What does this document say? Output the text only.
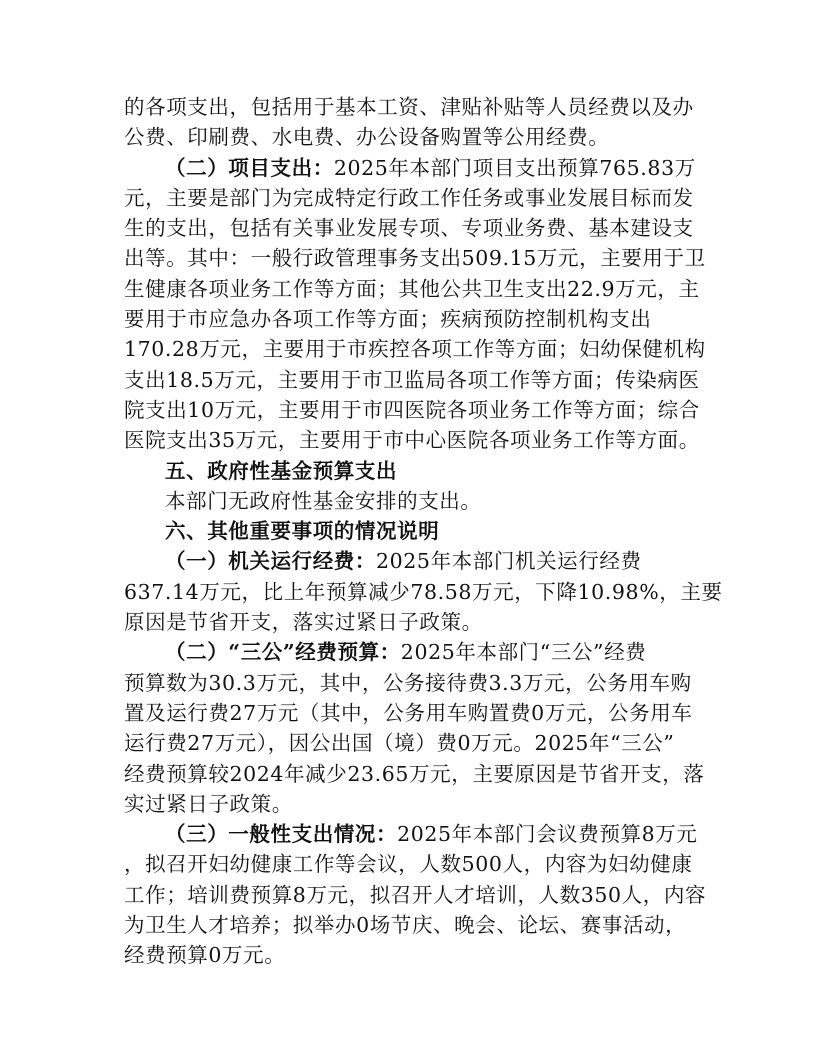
的各项支出，包括用于基本工资、津贴补贴等人员经费以及办
公费、印刷费、水电费、办公设备购置等公用经费。
（二）项目支出：2025年本部门项目支出预算765.83万
元，主要是部门为完成特定行政工作任务或事业发展目标而发
生的支出，包括有关事业发展专项、专项业务费、基本建设支
出等。其中：一般行政管理事务支出509.15万元，主要用于卫
生健康各项业务工作等方面；其他公共卫生支出22.9万元，主
要用于市应急办各项工作等方面；疾病预防控制机构支出
170.28万元，主要用于市疾控各项工作等方面；妇幼保健机构
支出18.5万元，主要用于市卫监局各项工作等方面；传染病医
院支出10万元，主要用于市四医院各项业务工作等方面；综合
医院支出35万元，主要用于市中心医院各项业务工作等方面。
五、政府性基金预算支出
本部门无政府性基金安排的支出。
六、其他重要事项的情况说明
（一）机关运行经费：2025年本部门机关运行经费
637.14万元，比上年预算减少78.58万元，下降10.98%，主要
原因是节省开支，落实过紧日子政策。
（二）“三公”经费预算：2025年本部门“三公”经费
预算数为30.3万元，其中，公务接待费3.3万元，公务用车购
置及运行费27万元（其中，公务用车购置费0万元，公务用车
运行费27万元），因公出国（境）费0万元。2025年“三公”
经费预算较2024年减少23.65万元，主要原因是节省开支，落
实过紧日子政策。
（三）一般性支出情况：2025年本部门会议费预算8万元
，拟召开妇幼健康工作等会议，人数500人，内容为妇幼健康
工作；培训费预算8万元，拟召开人才培训，人数350人，内容
为卫生人才培养；拟举办0场节庆、晚会、论坛、赛事活动，
经费预算0万元。
